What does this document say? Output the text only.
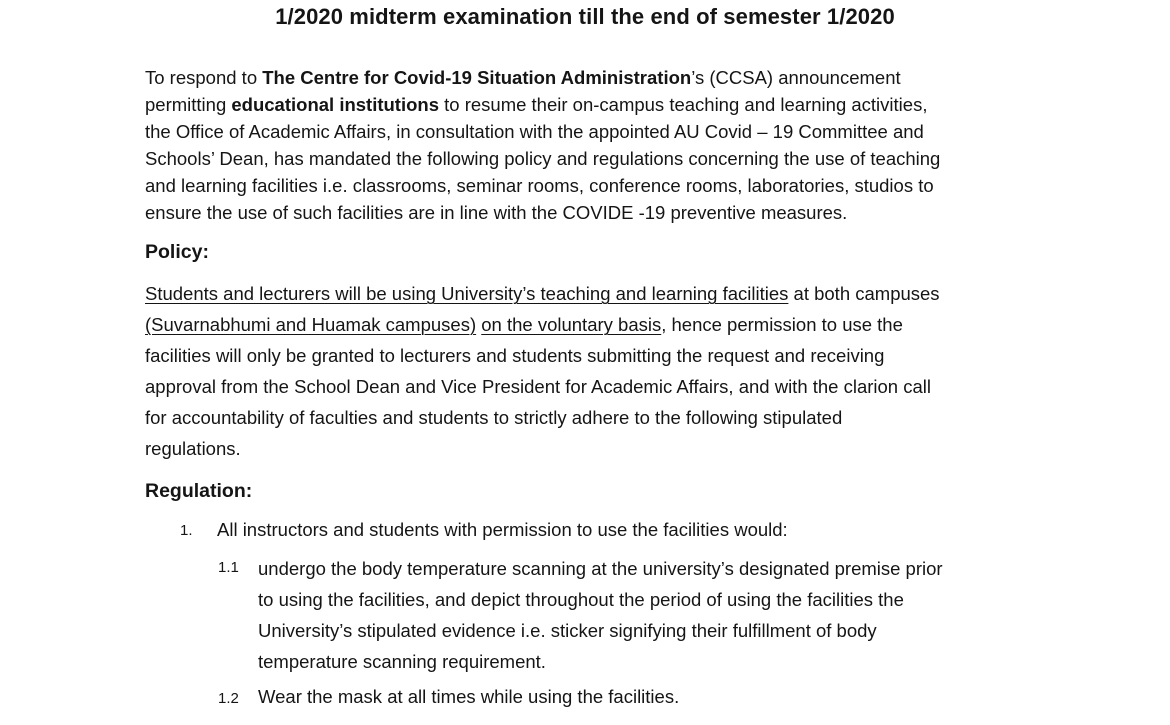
1/2020 midterm examination till the end of semester 1/2020
To respond to The Centre for Covid-19 Situation Administration’s (CCSA) announcement
permitting educational institutions to resume their on-campus teaching and learning activities,
the Office of Academic Affairs, in consultation with the appointed AU Covid – 19 Committee and
Schools’ Dean, has mandated the following policy and regulations concerning the use of teaching
and learning facilities i.e. classrooms, seminar rooms, conference rooms, laboratories, studios to
ensure the use of such facilities are in line with the COVIDE -19 preventive measures.
Policy:
Students and lecturers will be using University’s teaching and learning facilities at both campuses
(Suvarnabhumi and Huamak campuses) on the voluntary basis, hence permission to use the
facilities will only be granted to lecturers and students submitting the request and receiving
approval from the School Dean and Vice President for Academic Affairs, and with the clarion call
for accountability of faculties and students to strictly adhere to the following stipulated
regulations.
Regulation:
1. All instructors and students with permission to use the facilities would:
1.1 undergo the body temperature scanning at the university’s designated premise prior
to using the facilities, and depict throughout the period of using the facilities the
University’s stipulated evidence i.e. sticker signifying their fulfillment of body
temperature scanning requirement.
1.2 Wear the mask at all times while using the facilities.
